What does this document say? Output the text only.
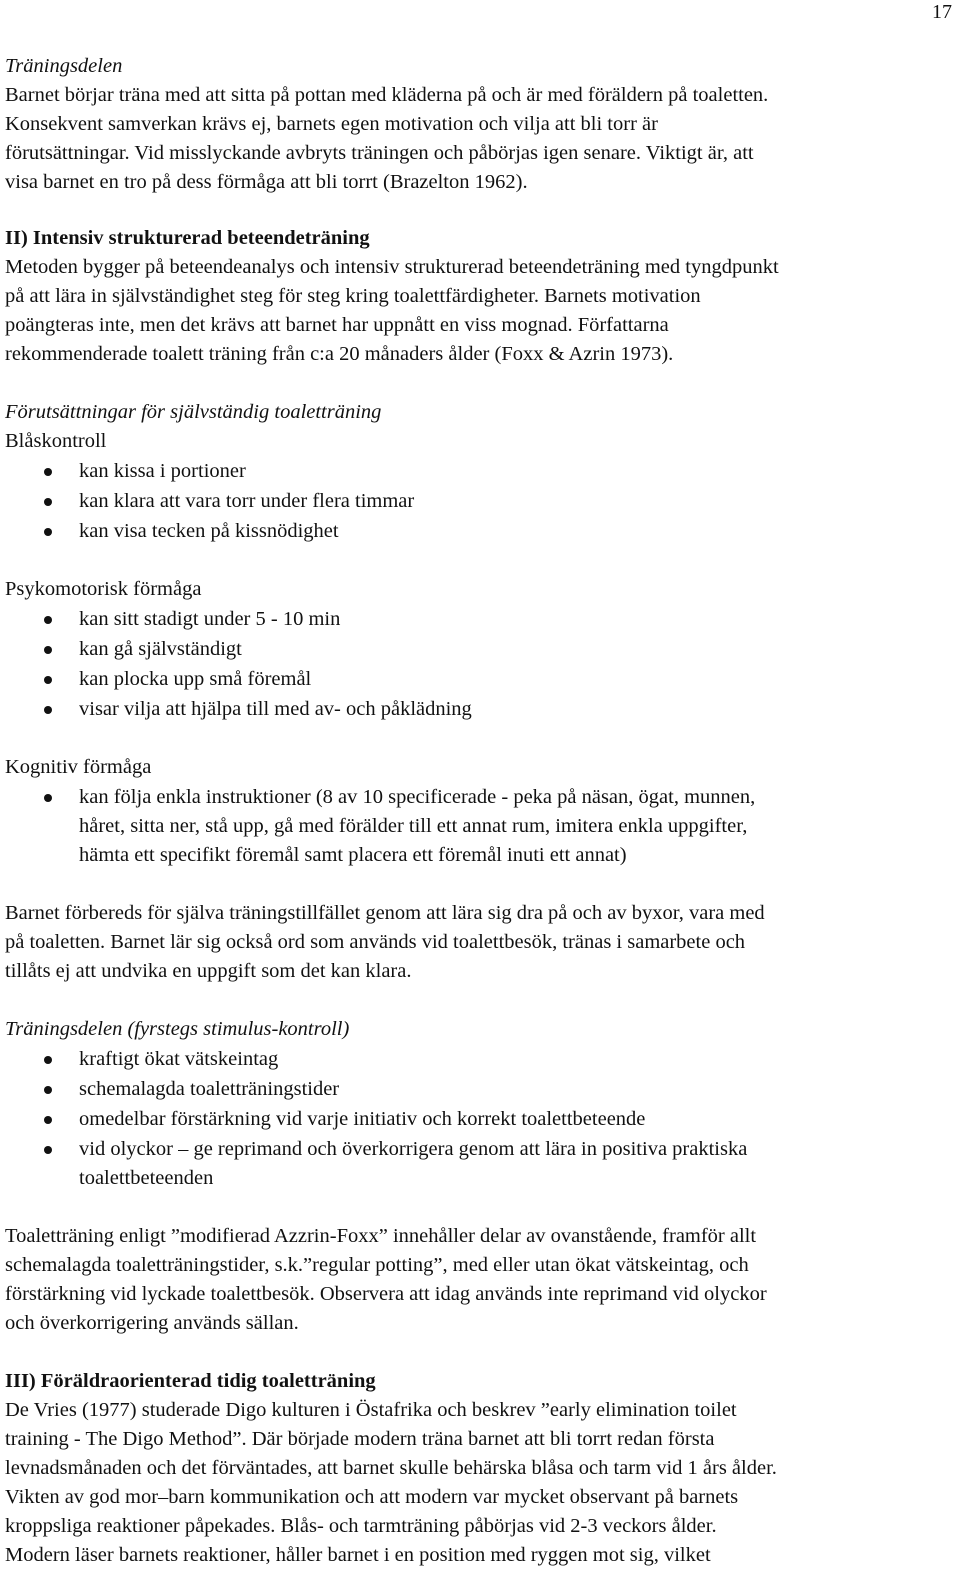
17

Träningsdelen

Barnet börjar träna med att sitta på pottan med kläderna på och är med föräldern på toaletten.

Konsekvent samverkan krävs ej, barnets egen motivation och vilja att bli torr är

förutsättningar. Vid misslyckande avbryts träningen och påbörjas igen senare. Viktigt är, att

visa barnet en tro på dess förmåga att bli torrt (Brazelton 1962).

II) Intensiv strukturerad beteendeträning

Metoden bygger på beteendeanalys och intensiv strukturerad beteendeträning med tyngdpunkt

på att lära in självständighet steg för steg kring toalettfärdigheter. Barnets motivation

poängteras inte, men det krävs att barnet har uppnått en viss mognad. Författarna

rekommenderade toalett träning från c:a 20 månaders ålder (Foxx & Azrin 1973).

Förutsättningar för självständig toaletträning

Blåskontroll

kan kissa i portioner
kan klara att vara torr under flera timmar
kan visa tecken på kissnödighet

Psykomotorisk förmåga

kan sitt stadigt under 5 - 10 min
kan gå självständigt
kan plocka upp små föremål
visar vilja att hjälpa till med av- och påklädning

Kognitiv förmåga

kan följa enkla instruktioner (8 av 10 specificerade - peka på näsan, ögat, munnen,
håret, sitta ner, stå upp, gå med förälder till ett annat rum, imitera enkla uppgifter,
hämta ett specifikt föremål samt placera ett föremål inuti ett annat)

Barnet förbereds för själva träningstillfället genom att lära sig dra på och av byxor, vara med

på toaletten. Barnet lär sig också ord som används vid toalettbesök, tränas i samarbete och

tillåts ej att undvika en uppgift som det kan klara.

Träningsdelen (fyrstegs stimulus-kontroll)

kraftigt ökat vätskeintag
schemalagda toaletträningstider
omedelbar förstärkning vid varje initiativ och korrekt toalettbeteende
vid olyckor – ge reprimand och överkorrigera genom att lära in positiva praktiska
toalettbeteenden

Toaletträning enligt ”modifierad Azzrin-Foxx” innehåller delar av ovanstående, framför allt

schemalagda toaletträningstider, s.k.”regular potting”, med eller utan ökat vätskeintag, och

förstärkning vid lyckade toalettbesök. Observera att idag används inte reprimand vid olyckor

och överkorrigering används sällan.

III) Föräldraorienterad tidig toaletträning

De Vries (1977) studerade Digo kulturen i Östafrika och beskrev ”early elimination toilet

training - The Digo Method”. Där började modern träna barnet att bli torrt redan första

levnadsmånaden och det förväntades, att barnet skulle behärska blåsa och tarm vid 1 års ålder.

Vikten av god mor–barn kommunikation och att modern var mycket observant på barnets

kroppsliga reaktioner påpekades. Blås- och tarmträning påbörjas vid 2-3 veckors ålder.

Modern läser barnets reaktioner, håller barnet i en position med ryggen mot sig, vilket
